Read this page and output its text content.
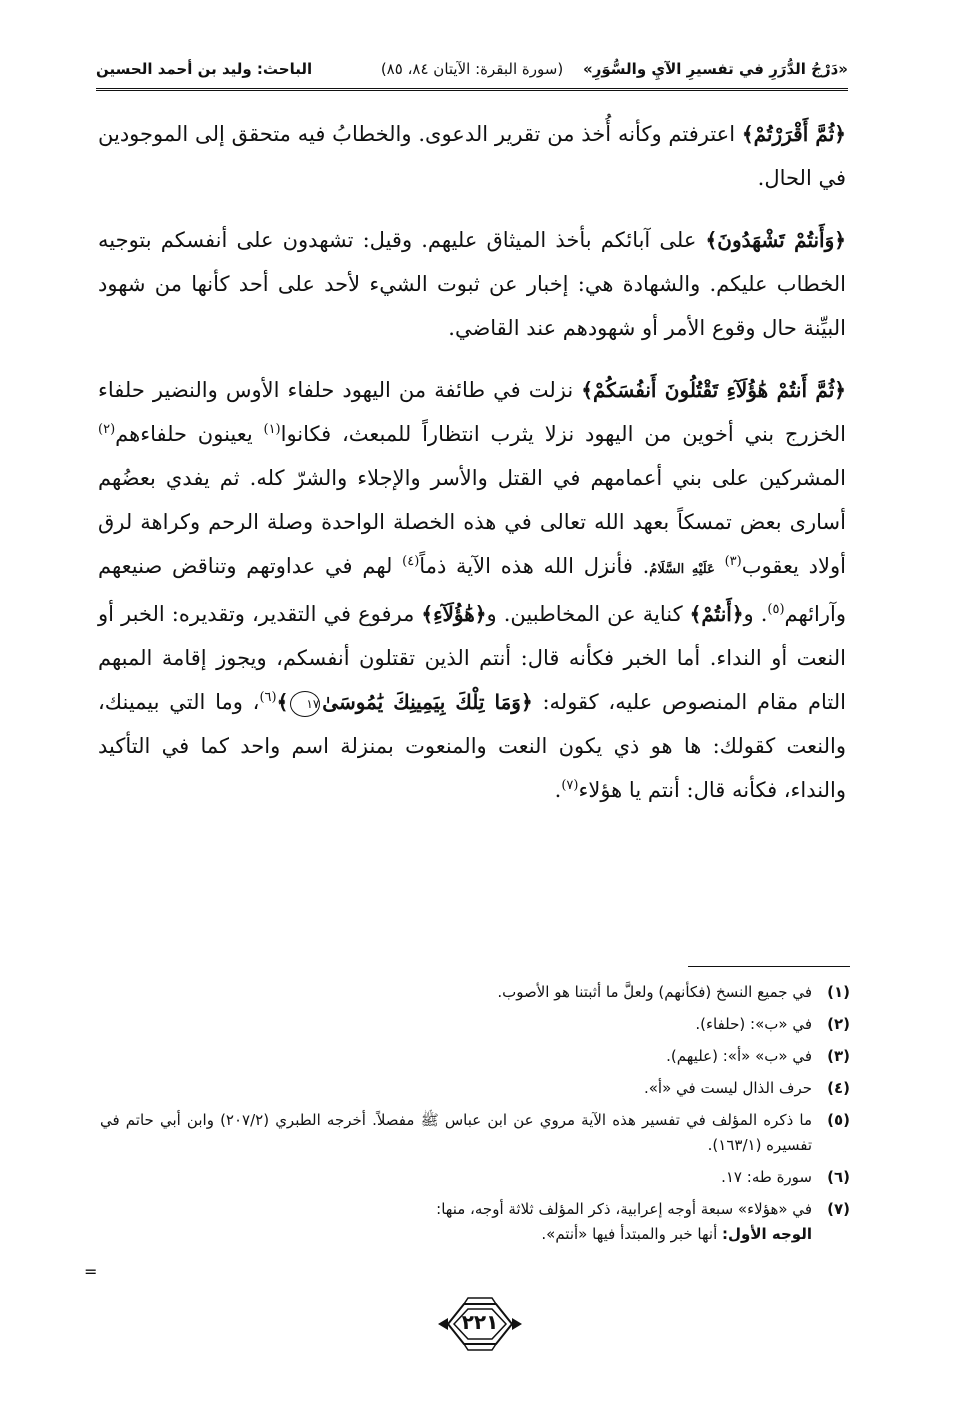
«دَرْجُ الدُّرَرِ في تفسيرِ الآيِ والسُّوَرِ»
(سورة البقرة: الآيتان ٨٤، ٨٥)
الباحث: وليد بن أحمد الحسين

﴿ثُمَّ أَقْرَرْتُمْ﴾ اعترفتم وكأنه أُخذ من تقرير الدعوى. والخطابُ فيه متحقق إلى الموجودين في الحال.

﴿وَأَنتُمْ تَشْهَدُونَ﴾ على آبائكم بأخذ الميثاق عليهم. وقيل: تشهدون على أنفسكم بتوجيه الخطاب عليكم. والشهادة هي: إخبار عن ثبوت الشيء لأحد على أحد كأنها من شهود البيِّنة حال وقوع الأمر أو شهودهم عند القاضي.

﴿ثُمَّ أَنتُمْ هَٰؤُلَآءِ تَقْتُلُونَ أَنفُسَكُمْ﴾ نزلت في طائفة من اليهود حلفاء الأوس والنضير حلفاء الخزرج بني أخوين من اليهود نزلا يثرب انتظاراً للمبعث، فكانوا$^{(١)}$ يعينون حلفاءهم$^{(٢)}$ المشركين على بني أعمامهم في القتل والأسر والإجلاء والشرّ كله. ثم يفدي بعضُهم أسارى بعض تمسكاً بعهد الله تعالى في هذه الخصلة الواحدة وصلة الرحم وكراهة لرق أولاد يعقوب$^{(٣)}$ عَلَيْهِ السَّلَامُ. فأنزل الله هذه الآية ذماً$^{(٤)}$ لهم في عداوتهم وتناقض صنيعهم وآرائهم$^{(٥)}$. و﴿أَنتُمْ﴾ كناية عن المخاطبين. و﴿هَٰؤُلَآءِ﴾ مرفوع في التقدير، وتقديره: الخبر أو النعت أو النداء. أما الخبر فكأنه قال: أنتم الذين تقتلون أنفسكم، ويجوز إقامة المبهم التام مقام المنصوص عليه، كقوله: ﴿وَمَا تِلْكَ بِيَمِينِكَ يَٰمُوسَىٰ١٧﴾$^{(٦)}$، وما التي بيمينك، والنعت كقولك: ها هو ذي يكون النعت والمنعوت بمنزلة اسم واحد كما في التأكيد والنداء، فكأنه قال: أنتم يا هؤلاء$^{(٧)}$.

(١)
في جميع النسخ (فكأنهم) ولعلَّ ما أثبتنا هو الأصوب.
(٢)
في «ب»: (حلفاء).
(٣)
في «ب» «أ»: (عليهم).
(٤)
حرف الذال ليست في «أ».
(٥)
ما ذكره المؤلف في تفسير هذه الآية مروي عن ابن عباس ﷺ مفصلاً. أخرجه الطبري (٢٠٧/٢) وابن أبي حاتم في تفسيره (١٦٣/١).
(٦)
سورة طه: ١٧.
(٧)
في «هؤلاء» سبعة أوجه إعرابية، ذكر المؤلف ثلاثة أوجه، منها:
الوجه الأول: أنها خبر والمبتدأ فيها «أنتم».
=
٢٢١
